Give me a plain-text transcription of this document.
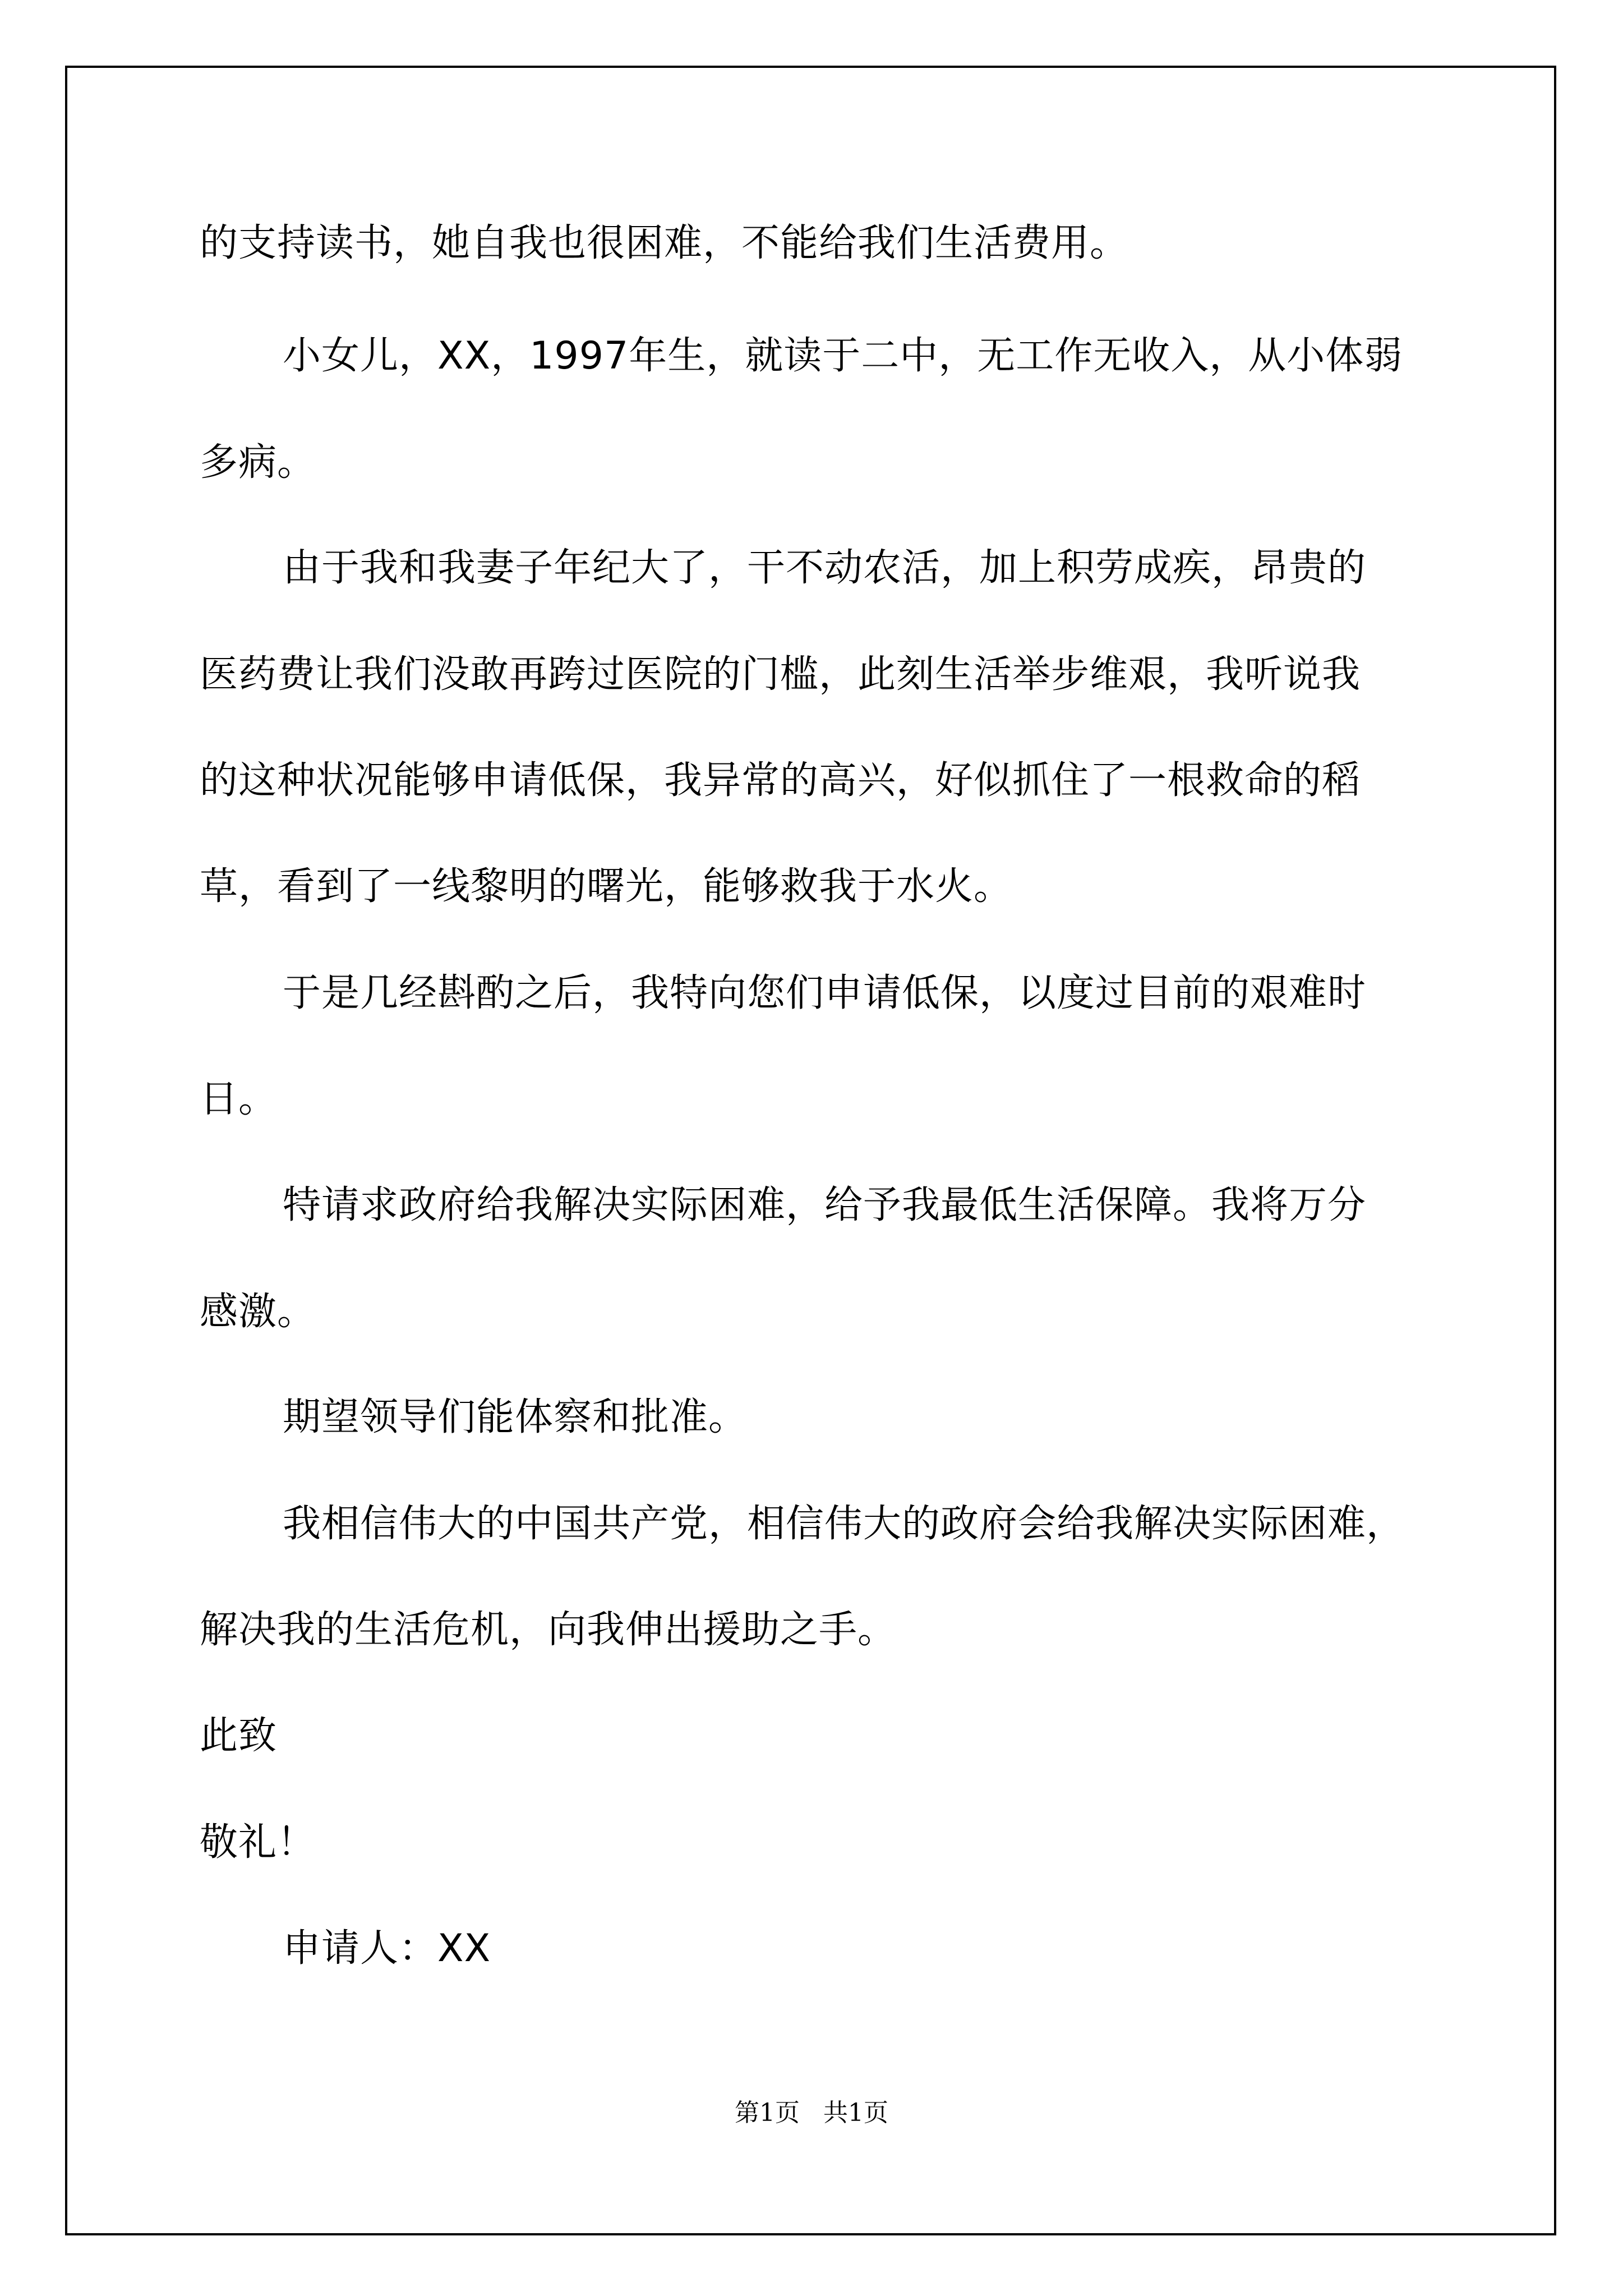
的支持读书，她自我也很困难，不能给我们生活费用。
小女儿，XX，1997年生，就读于二中，无工作无收入，从小体弱
多病。
由于我和我妻子年纪大了，干不动农活，加上积劳成疾，昂贵的
医药费让我们没敢再跨过医院的门槛，此刻生活举步维艰，我听说我
的这种状况能够申请低保，我异常的高兴，好似抓住了一根救命的稻
草，看到了一线黎明的曙光，能够救我于水火。
于是几经斟酌之后，我特向您们申请低保，以度过目前的艰难时
日。
特请求政府给我解决实际困难，给予我最低生活保障。我将万分
感激。
期望领导们能体察和批准。
我相信伟大的中国共产党，相信伟大的政府会给我解决实际困难，
解决我的生活危机，向我伸出援助之手。
此致
敬礼！
申请人：XX
第1页   共1页
